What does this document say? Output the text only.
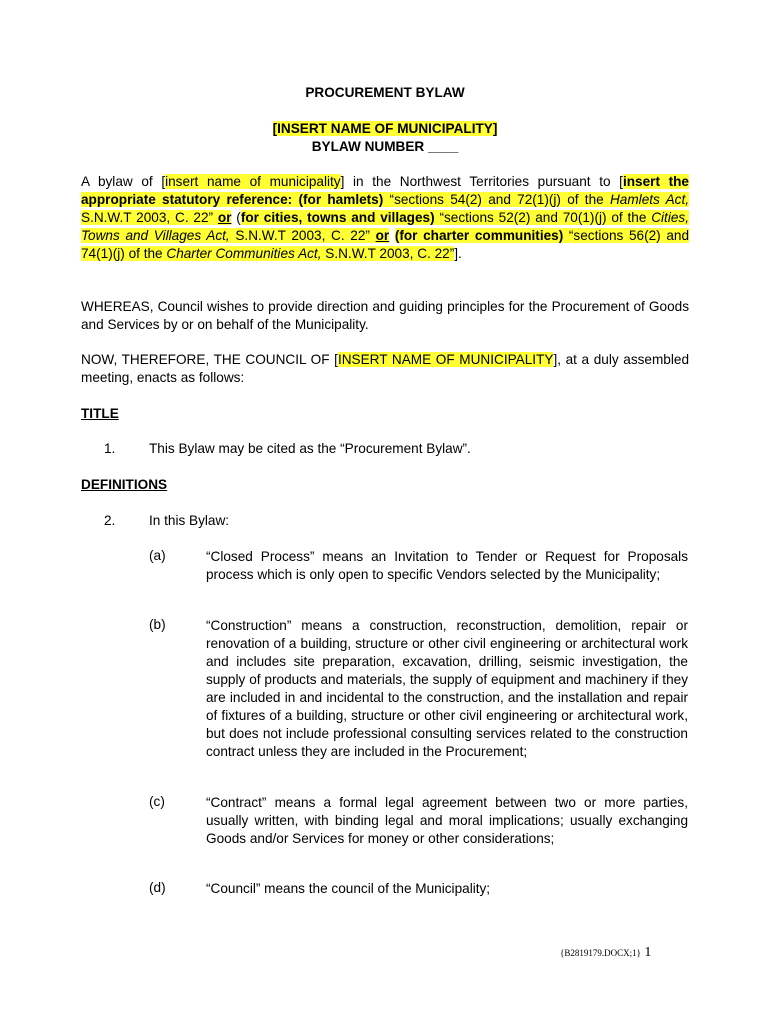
PROCUREMENT BYLAW
[INSERT NAME OF MUNICIPALITY]
BYLAW NUMBER ____
A bylaw of [insert name of municipality] in the Northwest Territories pursuant to [insert the appropriate statutory reference: (for hamlets) “sections 54(2) and 72(1)(j) of the Hamlets Act, S.N.W.T 2003, C. 22” or (for cities, towns and villages) “sections 52(2) and 70(1)(j) of the Cities, Towns and Villages Act, S.N.W.T 2003, C. 22” or (for charter communities) “sections 56(2) and 74(1)(j) of the Charter Communities Act, S.N.W.T 2003, C. 22”].
WHEREAS, Council wishes to provide direction and guiding principles for the Procurement of Goods and Services by or on behalf of the Municipality.
NOW, THEREFORE, THE COUNCIL OF [INSERT NAME OF MUNICIPALITY], at a duly assembled meeting, enacts as follows:
TITLE
1. This Bylaw may be cited as the “Procurement Bylaw”.
DEFINITIONS
2. In this Bylaw:
(a)	“Closed Process” means an Invitation to Tender or Request for Proposals process which is only open to specific Vendors selected by the Municipality;
(b)	“Construction” means a construction, reconstruction, demolition, repair or renovation of a building, structure or other civil engineering or architectural work and includes site preparation, excavation, drilling, seismic investigation, the supply of products and materials, the supply of equipment and machinery if they are included in and incidental to the construction, and the installation and repair of fixtures of a building, structure or other civil engineering or architectural work, but does not include professional consulting services related to the construction contract unless they are included in the Procurement;
(c)	“Contract” means a formal legal agreement between two or more parties, usually written, with binding legal and moral implications; usually exchanging Goods and/or Services for money or other considerations;
(d)	“Council” means the council of the Municipality;
{B2819179.DOCX;1} 1
